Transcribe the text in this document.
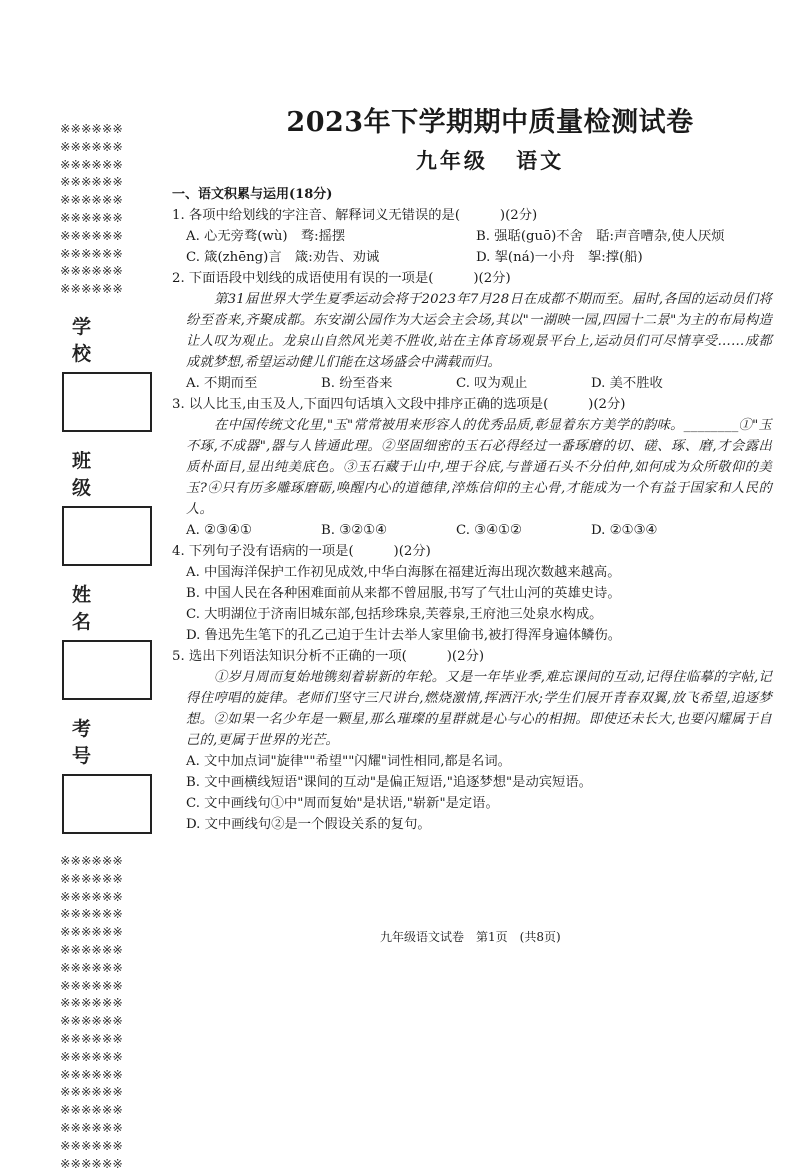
※※※※※※
※※※※※※
※※※※※※
※※※※※※
※※※※※※
※※※※※※
※※※※※※
※※※※※※
※※※※※※
※※※※※※
学 校
班 级
姓 名
考 号
※※※※※※
※※※※※※
※※※※※※
※※※※※※
※※※※※※
※※※※※※
※※※※※※
※※※※※※
※※※※※※
※※※※※※
※※※※※※
※※※※※※
※※※※※※
※※※※※※
※※※※※※
※※※※※※
※※※※※※
※※※※※※
2023年下学期期中质量检测试卷
九年级 语文
一、语文积累与运用(18分)

1. 各项中给划线的字注音、解释词义无错误的是(　　　)(2分)

A. 心无旁骛(wù)　骛:摇摆	B. 强聒(guō)不舍　聒:声音嘈杂,使人厌烦
C. 箴(zhēng)言　箴:劝告、劝诫	D. 挐(ná)一小舟　挐:撑(船)

2. 下面语段中划线的成语使用有误的一项是(　　　)(2分)

第31届世界大学生夏季运动会将于2023年7月28日在成都不期而至。届时,各国的运动员们将纷至沓来,齐聚成都。东安湖公园作为大运会主会场,其以"一湖映一园,四园十二景"为主的布局构造让人叹为观止。龙泉山自然风光美不胜收,站在主体育场观景平台上,运动员们可尽情享受……成都成就梦想,希望运动健儿们能在这场盛会中满载而归。

A. 不期而至	B. 纷至沓来	C. 叹为观止	D. 美不胜收

3. 以人比玉,由玉及人,下面四句话填入文段中排序正确的选项是(　　　)(2分)

在中国传统文化里,"玉"常常被用来形容人的优秀品质,彰显着东方美学的韵味。________①"玉不琢,不成器",器与人皆通此理。②坚固细密的玉石必得经过一番琢磨的切、磋、琢、磨,才会露出质朴面目,显出纯美底色。③玉石藏于山中,埋于谷底,与普通石头不分伯仲,如何成为众所敬仰的美玉?④只有历多雕琢磨砺,唤醒内心的道德律,淬炼信仰的主心骨,才能成为一个有益于国家和人民的人。

A. ②③④①	B. ③②①④	C. ③④①②	D. ②①③④

4. 下列句子没有语病的一项是(　　　)(2分)

A. 中国海洋保护工作初见成效,中华白海豚在福建近海出现次数越来越高。
B. 中国人民在各种困难面前从来都不曾屈服,书写了气壮山河的英雄史诗。
C. 大明湖位于济南旧城东部,包括珍珠泉,芙蓉泉,王府池三处泉水构成。
D. 鲁迅先生笔下的孔乙己迫于生计去举人家里偷书,被打得浑身遍体鳞伤。

5. 选出下列语法知识分析不正确的一项(　　　)(2分)

①岁月周而复始地镌刻着崭新的年轮。又是一年毕业季,难忘课间的互动,记得住临摹的字帖,记得住哼唱的旋律。老师们坚守三尺讲台,燃烧激情,挥洒汗水;学生们展开青春双翼,放飞希望,追逐梦想。②如果一名少年是一颗星,那么璀璨的星群就是心与心的相拥。即使还未长大,也要闪耀属于自己的,更属于世界的光芒。

A. 文中加点词"旋律""希望""闪耀"词性相同,都是名词。
B. 文中画横线短语"课间的互动"是偏正短语,"追逐梦想"是动宾短语。
C. 文中画线句①中"周而复始"是状语,"崭新"是定语。
D. 文中画线句②是一个假设关系的复句。
九年级语文试卷　第1页　(共8页)
